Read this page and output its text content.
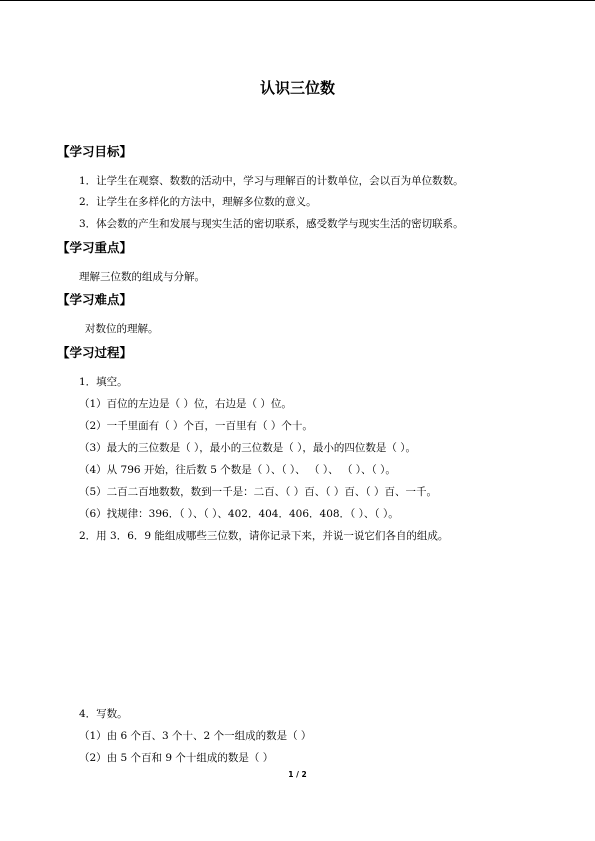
认识三位数
【学习目标】
1．让学生在观察、数数的活动中，学习与理解百的计数单位，会以百为单位数数。
2．让学生在多样化的方法中，理解多位数的意义。
3．体会数的产生和发展与现实生活的密切联系，感受数学与现实生活的密切联系。
【学习重点】
理解三位数的组成与分解。
【学习难点】
对数位的理解。
【学习过程】
1．填空。
（1）百位的左边是（ ）位，右边是（ ）位。
（2）一千里面有（ ）个百，一百里有（ ）个十。
（3）最大的三位数是（ ），最小的三位数是（ ），最小的四位数是（ ）。
（4）从 796 开始，往后数 5 个数是（ ）、（ ）、 （ ）、 （ ）、（ ）。
（5）二百二百地数数，数到一千是：二百、（ ）百、（ ）百、（ ）百、一千。
（6）找规律：396．（ ）、（ ）、402．404．406．408．（ ）、（ ）。
2．用 3．6．9 能组成哪些三位数，请你记录下来，并说一说它们各自的组成。
4．写数。
（1）由 6 个百、3 个十、2 个一组成的数是（ ）
（2）由 5 个百和 9 个十组成的数是（ ）
1 / 2
